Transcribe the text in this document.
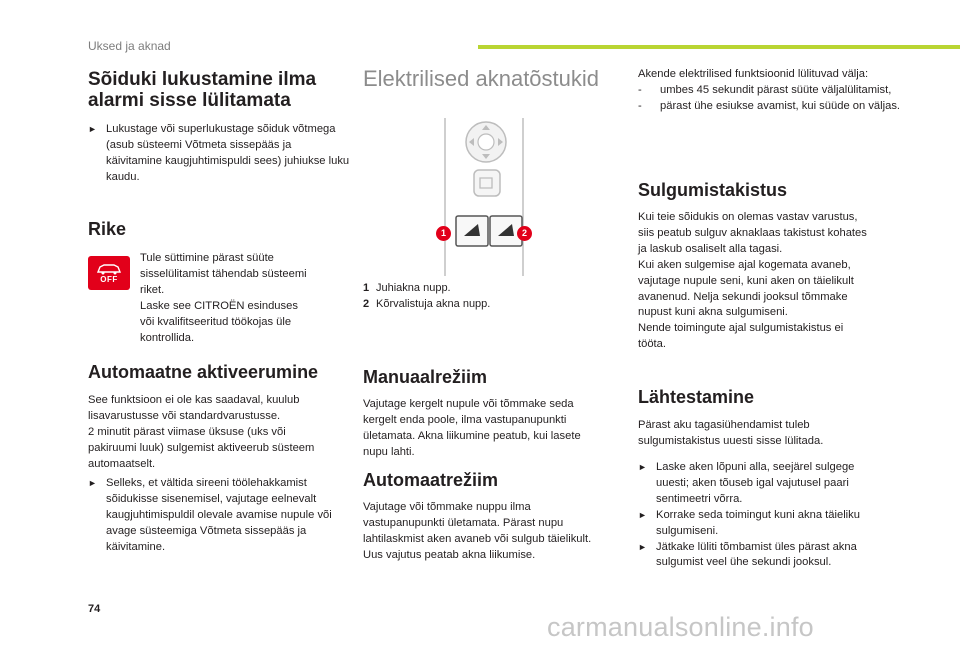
Uksed ja aknad
Sõiduki lukustamine ilma
alarmi sisse lülitamata
► Lukustage või superlukustage sõiduk võtmega (asub süsteemi Võtmeta sissepääs ja käivitamine kaugjuhtimispuldi sees) juhiukse luku kaudu.

Rike
OFF

Tule süttimine pärast süüte
sisselülitamist tähendab süsteemi
riket.
Laske see CITROËN esinduses
või kvalifitseeritud töökojas üle
kontrollida.

Automaatne aktiveerumine

See funktsioon ei ole kas saadaval, kuulub
lisavarustusse või standardvarustusse.
2 minutit pärast viimase üksuse (uks või
pakiruumi luuk) sulgemist aktiveerub süsteem
automaatselt.

► Selleks, et vältida sireeni töölehakkamist sõidukisse sisenemisel, vajutage eelnevalt kaugjuhtimispuldil olevale avamise nupule või avage süsteemiga Võtmeta sissepääs ja käivitamine.

Elektrilised aknatõstukid
1	2
1 Juhiakna nupp.
2 Kõrvalistuja akna nupp.
Manuaalrežiim

Vajutage kergelt nupule või tõmmake seda
kergelt enda poole, ilma vastupanupunkti
ületamata. Akna liikumine peatub, kui lasete
nupu lahti.

Automaatrežiim

Vajutage või tõmmake nuppu ilma
vastupanupunkti ületamata. Pärast nupu
lahtilaskmist aken avaneb või sulgub täielikult.
Uus vajutus peatab akna liikumise.

Akende elektrilised funktsioonid lülituvad välja:

- umbes 45 sekundit pärast süüte väljalülitamist,

- pärast ühe esiukse avamist, kui süüde on väljas.

Sulgumistakistus

Kui teie sõidukis on olemas vastav varustus,
siis peatub sulguv aknaklaas takistust kohates
ja laskub osaliselt alla tagasi.
Kui aken sulgemise ajal kogemata avaneb,
vajutage nupule seni, kuni aken on täielikult
avanenud. Nelja sekundi jooksul tõmmake
nupust kuni akna sulgumiseni.
Nende toimingute ajal sulgumistakistus ei
tööta.

Lähtestamine

Pärast aku tagasiühendamist tuleb
sulgumistakistus uuesti sisse lülitada.

► Laske aken lõpuni alla, seejärel sulgege uuesti; aken tõuseb igal vajutusel paari sentimeetri võrra.

► Korrake seda toimingut kuni akna täieliku sulgumiseni.

► Jätkake lüliti tõmbamist üles pärast akna sulgumist veel ühe sekundi jooksul.

74
carmanualsonline.info
